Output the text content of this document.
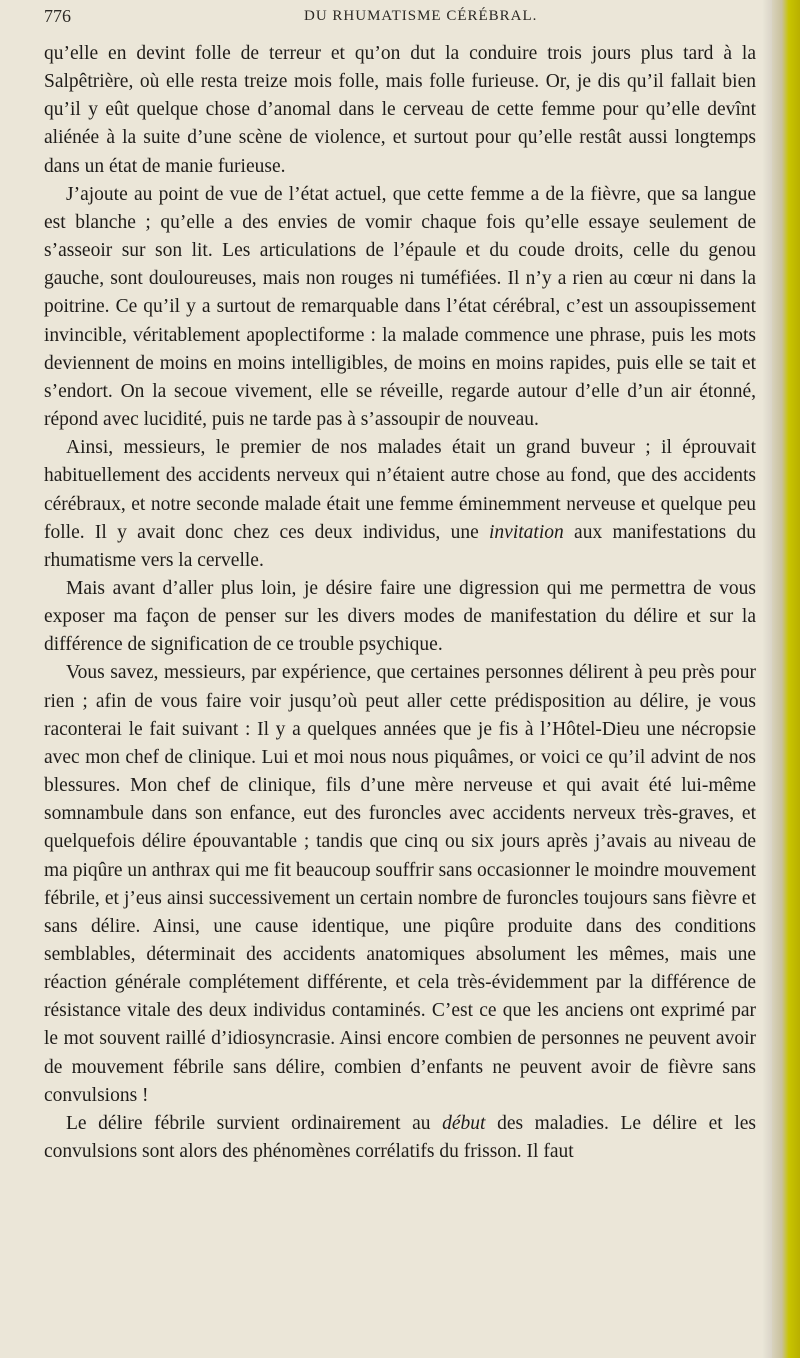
776	DU RHUMATISME CÉRÉBRAL.

qu’elle en devint folle de terreur et qu’on dut la conduire trois jours plus tard à la Salpêtrière, où elle resta treize mois folle, mais folle furieuse. Or, je dis qu’il fallait bien qu’il y eût quelque chose d’anomal dans le cerveau de cette femme pour qu’elle devînt aliénée à la suite d’une scène de violence, et surtout pour qu’elle restât aussi longtemps dans un état de manie furieuse.

J’ajoute au point de vue de l’état actuel, que cette femme a de la fièvre, que sa langue est blanche ; qu’elle a des envies de vomir chaque fois qu’elle essaye seulement de s’asseoir sur son lit. Les articulations de l’épaule et du coude droits, celle du genou gauche, sont douloureuses, mais non rouges ni tuméfiées. Il n’y a rien au cœur ni dans la poitrine. Ce qu’il y a surtout de remarquable dans l’état cérébral, c’est un assoupissement invincible, véritablement apoplectiforme : la malade commence une phrase, puis les mots deviennent de moins en moins intelligibles, de moins en moins rapides, puis elle se tait et s’endort. On la secoue vivement, elle se réveille, regarde autour d’elle d’un air étonné, répond avec lucidité, puis ne tarde pas à s’assoupir de nouveau.

Ainsi, messieurs, le premier de nos malades était un grand buveur ; il éprouvait habituellement des accidents nerveux qui n’étaient autre chose au fond, que des accidents cérébraux, et notre seconde malade était une femme éminemment nerveuse et quelque peu folle. Il y avait donc chez ces deux individus, une invitation aux manifestations du rhumatisme vers la cervelle.

Mais avant d’aller plus loin, je désire faire une digression qui me permettra de vous exposer ma façon de penser sur les divers modes de manifestation du délire et sur la différence de signification de ce trouble psychique.

Vous savez, messieurs, par expérience, que certaines personnes délirent à peu près pour rien ; afin de vous faire voir jusqu’où peut aller cette prédisposition au délire, je vous raconterai le fait suivant : Il y a quelques années que je fis à l’Hôtel-Dieu une nécropsie avec mon chef de clinique. Lui et moi nous nous piquâmes, or voici ce qu’il advint de nos blessures. Mon chef de clinique, fils d’une mère nerveuse et qui avait été lui-même somnambule dans son enfance, eut des furoncles avec accidents nerveux très-graves, et quelquefois délire épouvantable ; tandis que cinq ou six jours après j’avais au niveau de ma piqûre un anthrax qui me fit beaucoup souffrir sans occasionner le moindre mouvement fébrile, et j’eus ainsi successivement un certain nombre de furoncles toujours sans fièvre et sans délire. Ainsi, une cause identique, une piqûre produite dans des conditions semblables, déterminait des accidents anatomiques absolument les mêmes, mais une réaction générale complétement différente, et cela très-évidemment par la différence de résistance vitale des deux individus contaminés. C’est ce que les anciens ont exprimé par le mot souvent raillé d’idiosyncrasie. Ainsi encore combien de personnes ne peuvent avoir de mouvement fébrile sans délire, combien d’enfants ne peuvent avoir de fièvre sans convulsions !

Le délire fébrile survient ordinairement au début des maladies. Le délire et les convulsions sont alors des phénomènes corrélatifs du frisson. Il faut
